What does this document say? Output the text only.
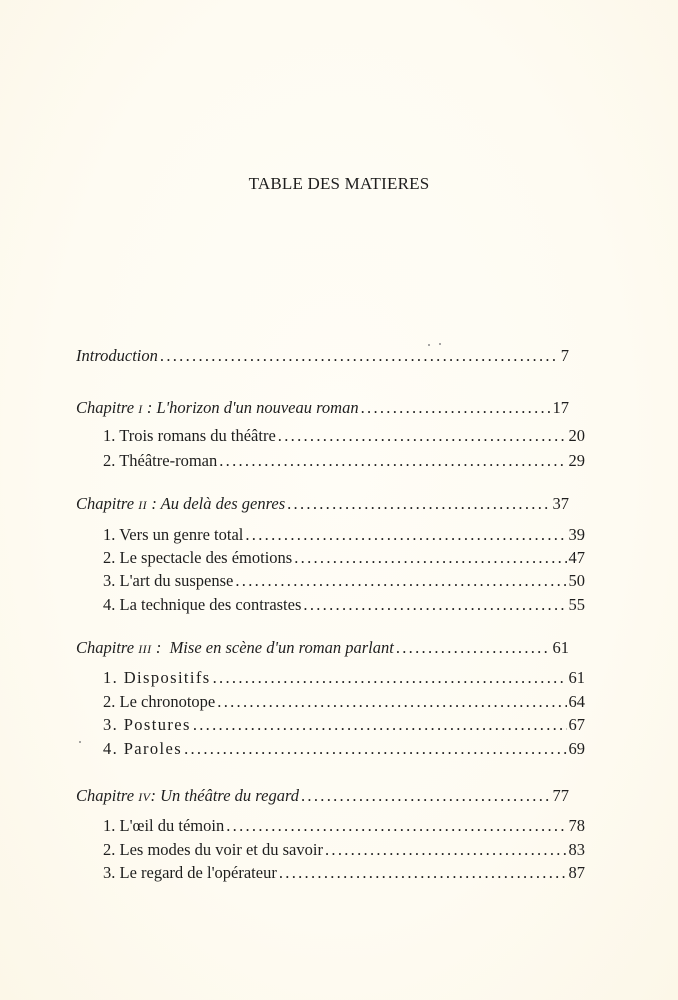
TABLE DES MATIERES
Introduction .....	7
Chapitre I : L'horizon d'un nouveau roman .....	17
1. Trois romans du théâtre .....	20
2. Théâtre-roman .....	29
Chapitre II : Au delà des genres .....	37
1. Vers un genre total .....	39
2. Le spectacle des émotions .....	47
3. L'art du suspense .....	50
4. La technique des contrastes .....	55
Chapitre III :  Mise en scène d'un roman parlant .....	61
1. Dispositifs .....	61
2. Le chronotope .....	64
3. Postures .....	67
4. Paroles .....	69
Chapitre IV: Un théâtre du regard .....	77
1. L'œil du témoin .....	78
2. Les modes du voir et du savoir .....	83
3. Le regard de l'opérateur .....	87
